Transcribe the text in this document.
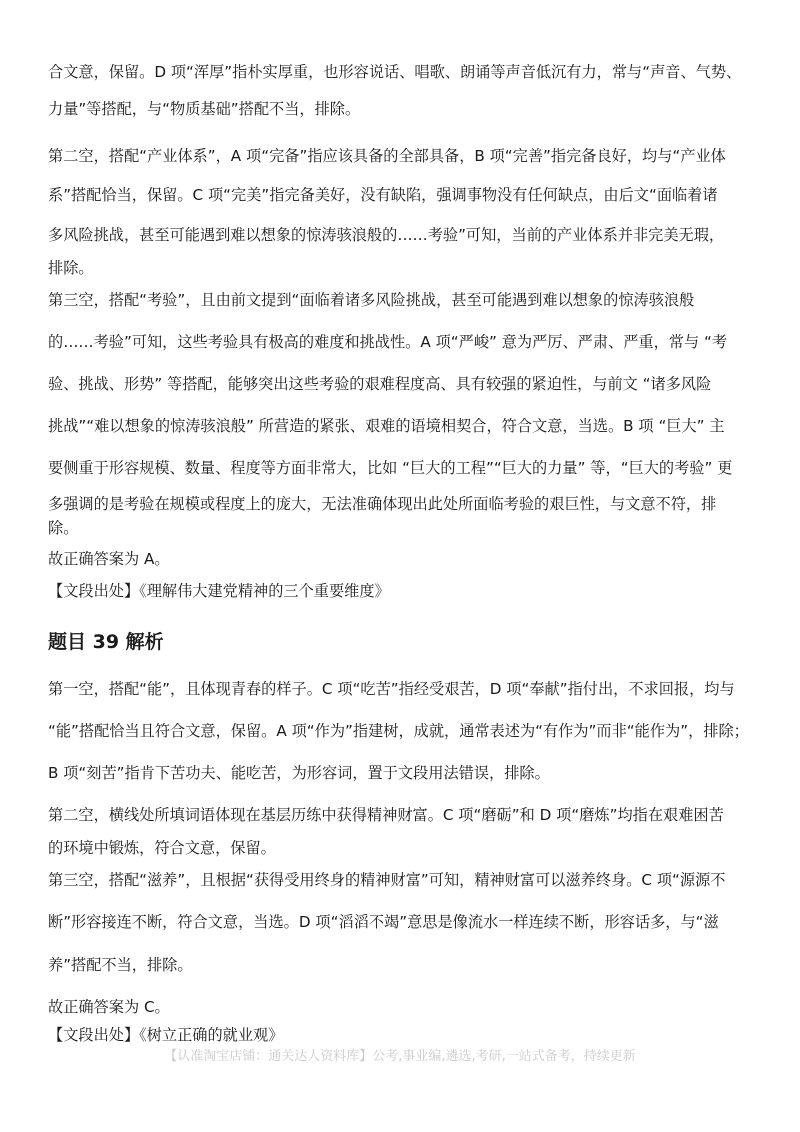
合文意，保留。D 项“浑厚”指朴实厚重，也形容说话、唱歌、朗诵等声音低沉有力，常与“声音、气势、
力量”等搭配，与“物质基础”搭配不当，排除。
第二空，搭配“产业体系”，A 项“完备”指应该具备的全部具备，B 项“完善”指完备良好，均与“产业体
系”搭配恰当，保留。C 项“完美”指完备美好，没有缺陷，强调事物没有任何缺点，由后文“面临着诸
多风险挑战，甚至可能遇到难以想象的惊涛骇浪般的……考验”可知，当前的产业体系并非完美无瑕，
排除。
第三空，搭配“考验”，且由前文提到“面临着诸多风险挑战，甚至可能遇到难以想象的惊涛骇浪般
的……考验”可知，这些考验具有极高的难度和挑战性。A 项“严峻” 意为严厉、严肃、严重，常与 “考
验、挑战、形势” 等搭配，能够突出这些考验的艰难程度高、具有较强的紧迫性，与前文 “诸多风险
挑战”“难以想象的惊涛骇浪般” 所营造的紧张、艰难的语境相契合，符合文意，当选。B 项 “巨大” 主
要侧重于形容规模、数量、程度等方面非常大，比如 “巨大的工程”“巨大的力量” 等，“巨大的考验” 更
多强调的是考验在规模或程度上的庞大，无法准确体现出此处所面临考验的艰巨性，与文意不符，排
除。
故正确答案为 A。
【文段出处】《理解伟大建党精神的三个重要维度》
题目 39 解析
第一空，搭配“能”，且体现青春的样子。C 项“吃苦”指经受艰苦，D 项“奉献”指付出，不求回报，均与
“能”搭配恰当且符合文意，保留。A 项“作为”指建树，成就，通常表述为“有作为”而非“能作为”，排除；
B 项“刻苦”指肯下苦功夫、能吃苦，为形容词，置于文段用法错误，排除。
第二空，横线处所填词语体现在基层历练中获得精神财富。C 项“磨砺”和 D 项“磨炼”均指在艰难困苦
的环境中锻炼，符合文意，保留。
第三空，搭配“滋养”，且根据“获得受用终身的精神财富”可知，精神财富可以滋养终身。C 项“源源不
断”形容接连不断，符合文意，当选。D 项“滔滔不竭”意思是像流水一样连续不断，形容话多，与“滋
养”搭配不当，排除。
故正确答案为 C。
【文段出处】《树立正确的就业观》
【认准淘宝店铺：通关达人资料库】公考,事业编,遴选,考研,一站式备考，持续更新
